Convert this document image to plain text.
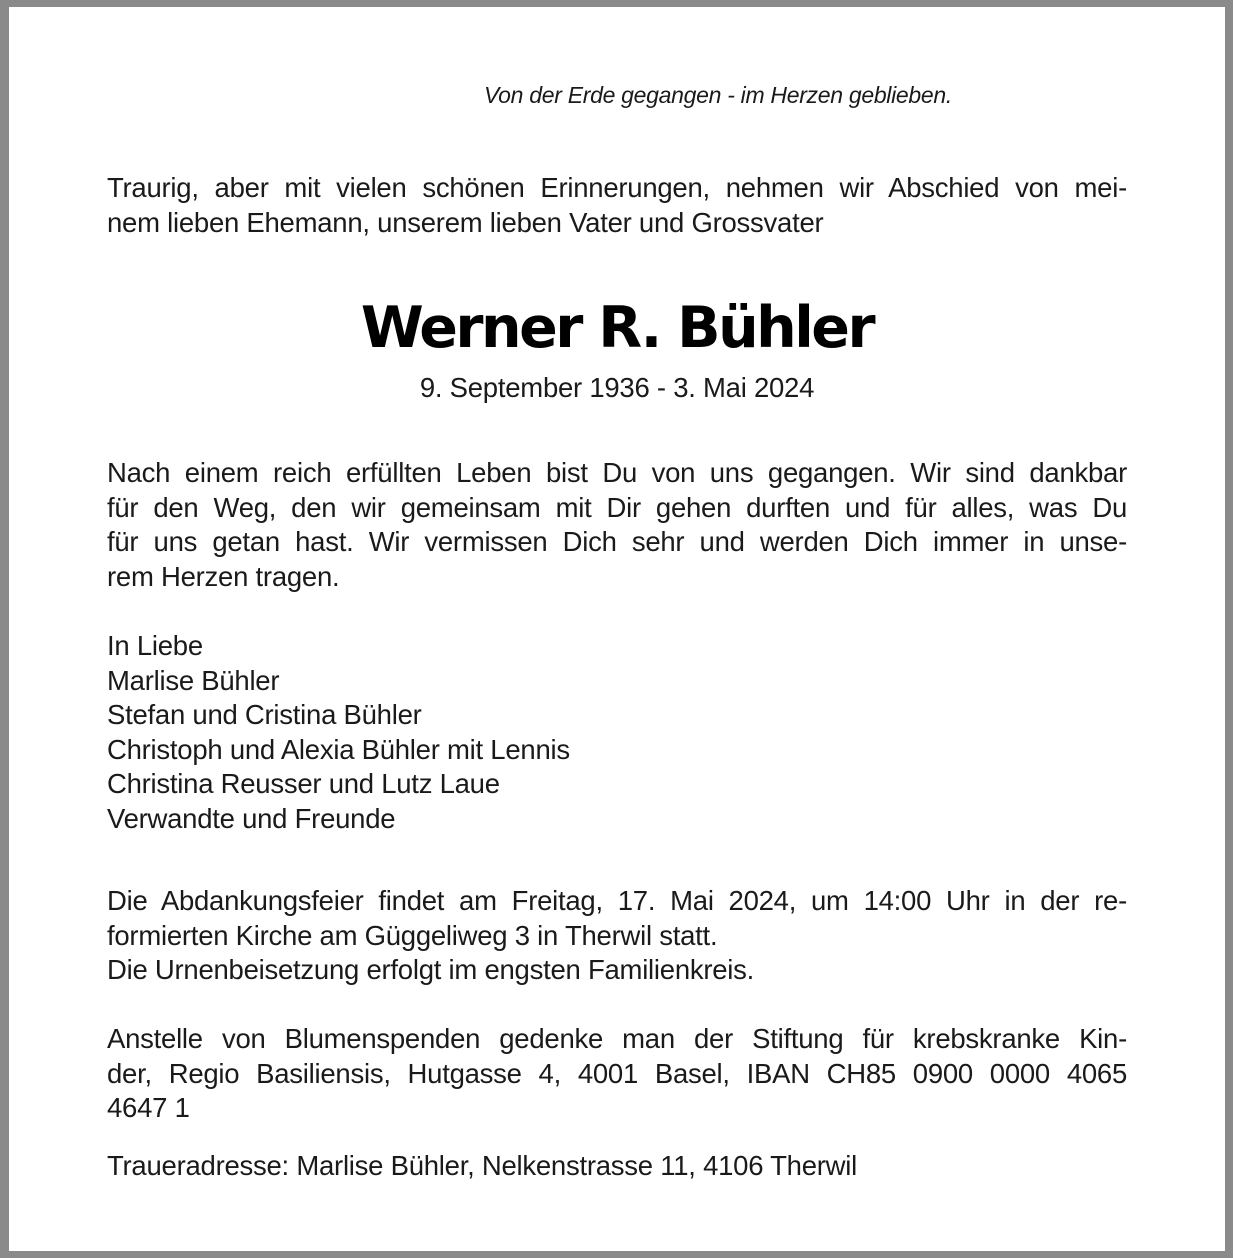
Von der Erde gegangen - im Herzen geblieben.
Traurig, aber mit vielen schönen Erinnerungen, nehmen wir Abschied von mei-
nem lieben Ehemann, unserem lieben Vater und Grossvater
Werner R. Bühler
9. September 1936 - 3. Mai 2024
Nach einem reich erfüllten Leben bist Du von uns gegangen. Wir sind dankbar
für den Weg, den wir gemeinsam mit Dir gehen durften und für alles, was Du
für uns getan hast. Wir vermissen Dich sehr und werden Dich immer in unse-
rem Herzen tragen.
In Liebe
Marlise Bühler
Stefan und Cristina Bühler
Christoph und Alexia Bühler mit Lennis
Christina Reusser und Lutz Laue
Verwandte und Freunde
Die Abdankungsfeier findet am Freitag, 17. Mai 2024, um 14:00 Uhr in der re-
formierten Kirche am Güggeliweg 3 in Therwil statt.
Die Urnenbeisetzung erfolgt im engsten Familienkreis.
Anstelle von Blumenspenden gedenke man der Stiftung für krebskranke Kin-
der, Regio Basiliensis, Hutgasse 4, 4001 Basel, IBAN CH85 0900 0000 4065
4647 1
Traueradresse: Marlise Bühler, Nelkenstrasse 11, 4106 Therwil
